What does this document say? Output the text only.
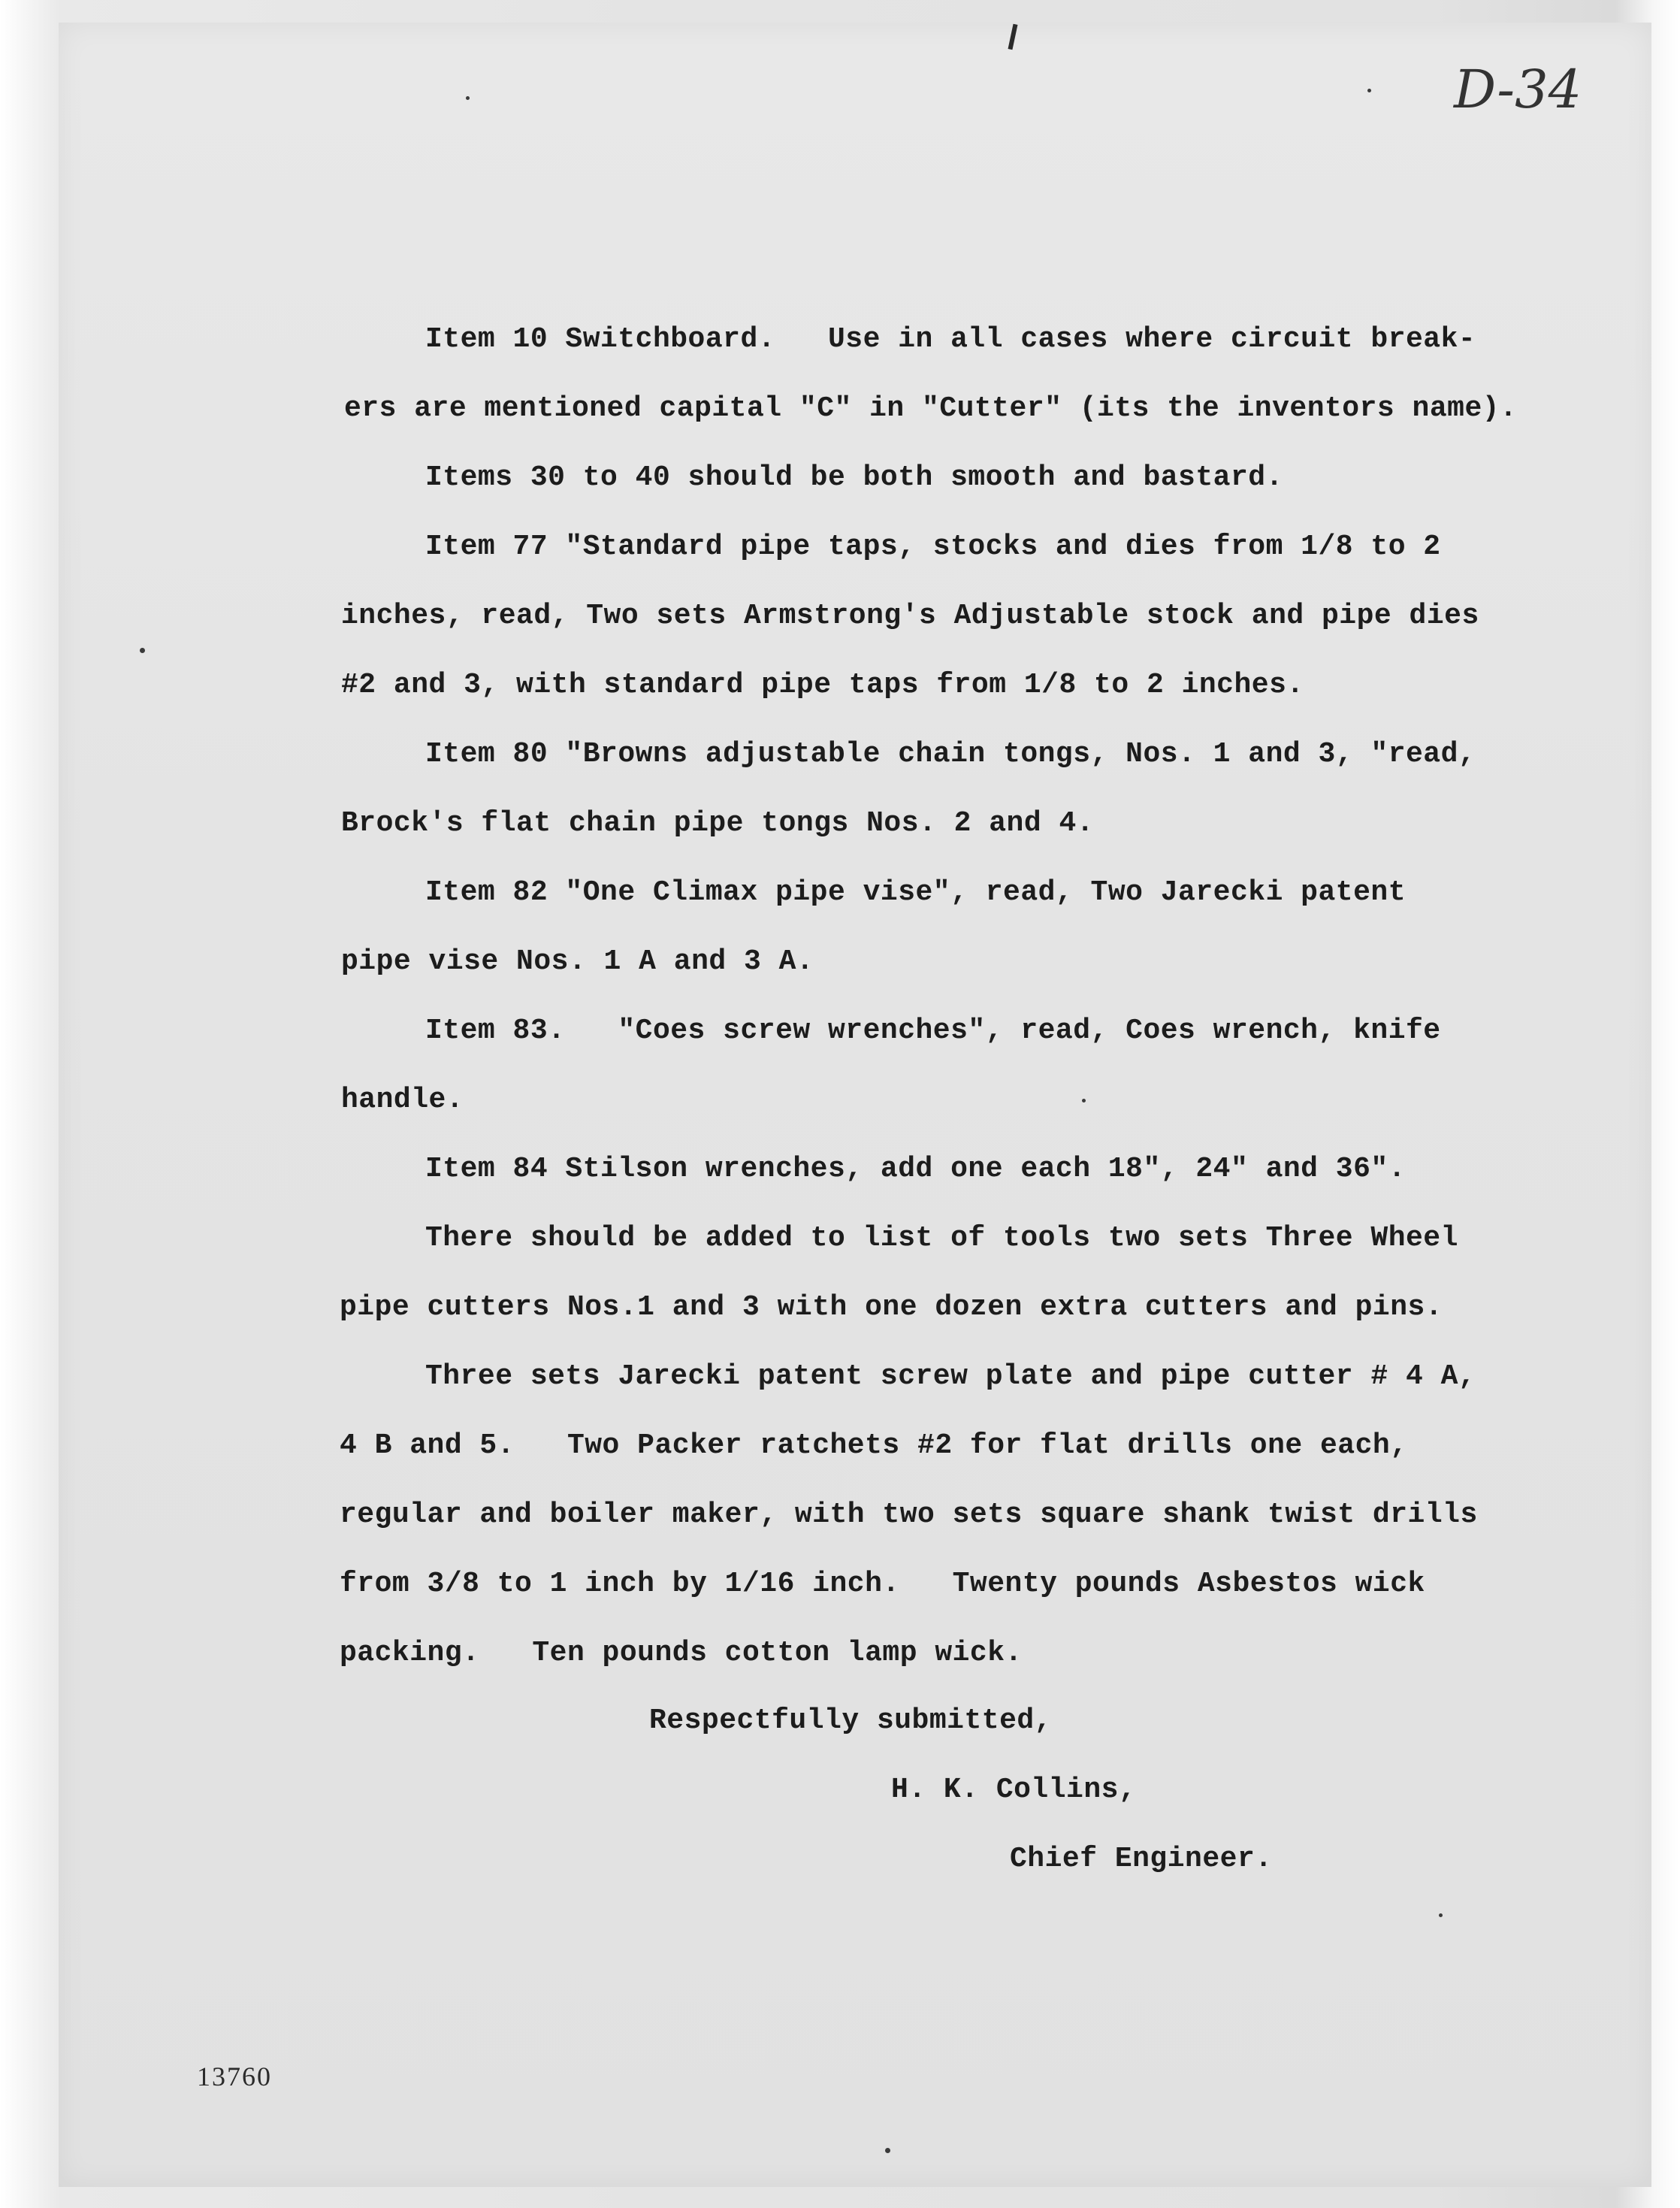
D-34
Item 10 Switchboard.   Use in all cases where circuit break-
ers are mentioned capital "C" in "Cutter" (its the inventors name).
Items 30 to 40 should be both smooth and bastard.
Item 77 "Standard pipe taps, stocks and dies from 1/8 to 2
inches, read, Two sets Armstrong's Adjustable stock and pipe dies
#2 and 3, with standard pipe taps from 1/8 to 2 inches.
Item 80 "Browns adjustable chain tongs, Nos. 1 and 3, "read,
Brock's flat chain pipe tongs Nos. 2 and 4.
Item 82 "One Climax pipe vise", read, Two Jarecki patent
pipe vise Nos. 1 A and 3 A.
Item 83.   "Coes screw wrenches", read, Coes wrench, knife
handle.
Item 84 Stilson wrenches, add one each 18", 24" and 36".
There should be added to list of tools two sets Three Wheel
pipe cutters Nos.1 and 3 with one dozen extra cutters and pins.
Three sets Jarecki patent screw plate and pipe cutter # 4 A,
4 B and 5.   Two Packer ratchets #2 for flat drills one each,
regular and boiler maker, with two sets square shank twist drills
from 3/8 to 1 inch by 1/16 inch.   Twenty pounds Asbestos wick
packing.   Ten pounds cotton lamp wick.
Respectfully submitted,
H. K. Collins,
Chief Engineer.
13760
